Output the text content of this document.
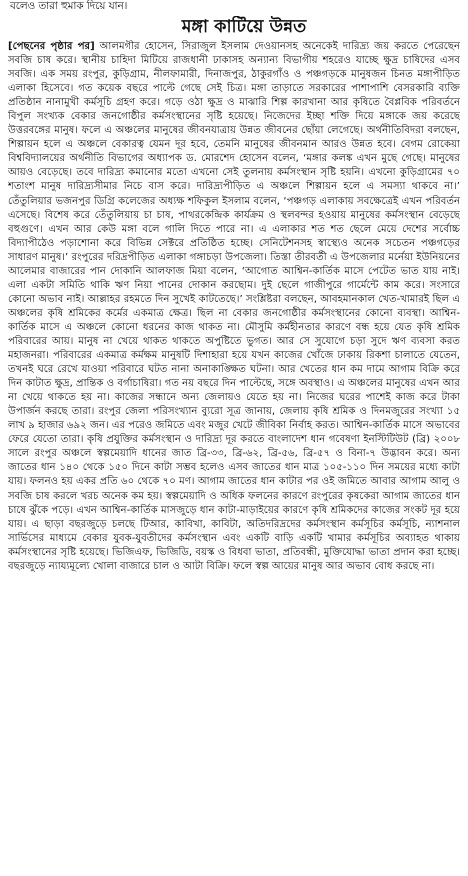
বলেও তারা হুমাক দিয়ে যান।
মঙ্গা কাটিয়ে উন্নত

[পেছনের পৃষ্ঠার পর] আলমগীর হোসেন, সিরাজুল ইসলাম দেওয়ানসহ অনেকেই দারিদ্র্য জয় করতে পেরেছেন সবজি চাষ করে। স্থানীয় চাহিদা মিটিয়ে রাজধানী ঢাকাসহ অন্যান্য বিভাগীয় শহরেও যাচ্ছে ক্ষুদ্র চাষিদের এসব সবজি। এক সময় রংপুর, কুড়িগ্রাম, নীলফামারী, দিনাজপুর, ঠাকুরগাঁও ও পঞ্চগড়কে মানুষজন চিনত মঙ্গাপীড়িত এলাকা হিসেবে। গত কয়েক বছরে পাল্টে গেছে সেই চিত্র। মঙ্গা তাড়াতে সরকারের পাশাপাশি বেসরকারি ব্যক্তি প্রতিষ্ঠান নানামুখী কর্মসূচি গ্রহণ করে। গড়ে ওঠা ক্ষুদ্র ও মাঝারি শিল্প কারখানা আর কৃষিতে বৈপ্লবিক পরিবর্তনে বিপুল সংখ্যক বেকার জনগোষ্ঠীর কর্মসংস্থানের সৃষ্টি হয়েছে। নিজেদের ইচ্ছা শক্তি দিয়ে মঙ্গাকে জয় করেছে উত্তরবঙ্গের মানুষ। ফলে এ অঞ্চলের মানুষের জীবনযাত্রায় উন্নত জীবনের ছোঁয়া লেগেছে। অর্থনীতিবিদরা বলছেন, শিল্পায়ন হলে এ অঞ্চলে বেকারত্ব যেমন দূর হবে, তেমনি মানুষের জীবনমান আরও উন্নত হবে। বেগম রোকেয়া বিশ্ববিদ্যালয়ের অর্থনীতি বিভাগের অধ্যাপক ড. মোরশেদ হোসেন বলেন, ‘মঙ্গার কলঙ্ক এখন মুছে গেছে। মানুষের আয়ও বেড়েছে। তবে দারিদ্র্য কমানোর মতো এখনো সেই তুলনায় কর্মসংস্থান সৃষ্টি হয়নি। এখনো কুড়িগ্রামের ৭০ শতাংশ মানুষ দারিদ্র্যসীমার নিচে বাস করে। দারিদ্র্যপীড়িত এ অঞ্চলে শিল্পায়ন হলে এ সমস্যা থাকবে না।’ তেঁতুলিয়ার ভজনপুর ডিগ্রি কলেজের অধ্যক্ষ শফিকুল ইসলাম বলেন, ‘পঞ্চগড় এলাকায় সবক্ষেত্রেই এখন পরিবর্তন এসেছে। বিশেষ করে তেঁতুলিয়ায় চা চাষ, পাথরকেন্দ্রিক কার্যক্রম ও স্থলবন্দর হওয়ায় মানুষের কর্মসংস্থান বেড়েছে বহুগুণে। এখন আর কেউ মঙ্গা বলে গালি দিতে পারে না। এ এলাকার শত শত ছেলে মেয়ে দেশের সর্বোচ্চ বিদ্যাপীঠেও পড়াশোনা করে বিভিন্ন সেক্টরে প্রতিষ্ঠিত হচ্ছে। সেনিটেশনসহ স্বাস্থ্যেও অনেক সচেতন পঞ্চগড়ের সাধারণ মানুষ।’ রংপুরের দরিদ্রপীড়িত এলাকা গঙ্গাচড়া উপজেলা। তিস্তা তীরবর্তী এ উপজেলার মর্নেয়া ইউনিয়নের আলেমার বাজারের পান দোকানি আলফাজ মিয়া বলেন, ‘আগোত আশ্বিন-কার্তিক মাসে পেটেত ভাত যায় নাই। এলা একটা সমিতি থাকি ঋণ নিয়া পানের দোকান করছোম। দুই ছেলে গাজীপুরে গার্মেন্টে কাম করে। সংসারে কোনো অভাব নাই। আল্লাহর রহমতে দিন সুখেই কাটতেছে।’ সংশ্লিষ্টরা বলছেন, আবহমানকাল খেত-খামারই ছিল এ অঞ্চলের কৃষি শ্রমিকের কর্মের একমাত্র ক্ষেত্র। ছিল না বেকার জনগোষ্ঠীর কর্মসংস্থানের কোনো ব্যবস্থা। আশ্বিন-কার্তিক মাসে এ অঞ্চলে কোনো ধরনের কাজ থাকত না। মৌসুমি কর্মহীনতার কারণে বন্ধ হয়ে যেত কৃষি শ্রমিক পরিবারের আয়। মানুষ না খেয়ে থাকত থাকতে অপুষ্টিতে ভুগত। আর সে সুযোগে চড়া সুদে ঋণ ব্যবসা করত মহাজনরা। পরিবারের একমাত্র কর্মক্ষম মানুষটি দিশাহারা হয়ে যখন কাজের খোঁজে ঢাকায় রিকশা চালাতে যেতেন, তখনই ঘরে রেখে যাওয়া পরিবারে ঘটত নানা অনাকাঙ্ক্ষিত ঘটনা। আর খেতের ধান কম দামে আগাম বিক্রি করে দিন কাটাত ক্ষুদ্র, প্রান্তিক ও বর্গাচাষিরা। গত নয় বছরে দিন পাল্টেছে, সঙ্গে অবস্থাও। এ অঞ্চলের মানুষের এখন আর না খেয়ে থাকতে হয় না। কাজের সন্ধানে অন্য জেলায়ও যেতে হয় না। নিজের ঘরের পাশেই কাজ করে টাকা উপার্জন করছে তারা। রংপুর জেলা পরিসংখ্যান ব্যুরো সূত্র জানায়, জেলায় কৃষি শ্রমিক ও দিনমজুরের সংখ্যা ১৫ লাখ ৯ হাজার ৬৯২ জন। এর পরেও জমিতে এবং মজুর খেটে জীবিকা নির্বাহ করত। আশ্বিন-কার্তিক মাসে অভাবের ফেরে যেতো তারা। কৃষি প্রযুক্তির কর্মসংস্থান ও দারিদ্র্য দূর করতে বাংলাদেশ ধান গবেষণা ইনস্টিটিউট (ব্রি) ২০০৮ সালে রংপুর অঞ্চলে স্বল্পমেয়াদি ধানের জাত ব্রি-৩৩, ব্রি-৬২, ব্রি-৫৬, ব্রি-৫৭ ও বিনা-৭ উদ্ভাবন করে। অন্য জাতের ধান ১৪০ থেকে ১৫০ দিনে কাটা সম্ভব হলেও এসব জাতের ধান মাত্র ১০৫-১১০ দিন সময়ের মধ্যে কাটা যায়। ফলনও হয় একর প্রতি ৬০ থেকে ৭০ মণ। আগাম জাতের ধান কাটার পর ওই জমিতে আবার আগাম আলু ও সবজি চাষ করলে খরচ অনেক কম হয়। স্বল্পমেয়াদি ও অধিক ফলনের কারণে রংপুরের কৃষকেরা আগাম জাতের ধান চাষে ঝুঁকে পড়ে। এখন আশ্বিন-কার্তিক মাসজুড়ে ধান কাটা-মাড়াইয়ের কারণে কৃষি শ্রমিকদের কাজের সংকট দূর হয়ে যায়। এ ছাড়া বছরজুড়ে চলছে টিআর, কাবিখা, কাবিটা, অতিদরিদ্রদের কর্মসংস্থান কর্মসূচির কর্মসূচি, ন্যাশনাল সার্ভিসের মাধ্যমে বেকার যুবক-যুবতীদের কর্মসংস্থান এবং একটি বাড়ি একটি খামার কর্মসূচির অব্যাহত থাকায় কর্মসংস্থানের সৃষ্টি হয়েছে। ভিজিএফ, ভিজিডি, বয়স্ক ও বিধবা ভাতা, প্রতিবন্ধী, মুক্তিযোদ্ধা ভাতা প্রদান করা হচ্ছে। বছরজুড়ে ন্যায্যমূল্যে খোলা বাজারে চাল ও আটা বিক্রি। ফলে স্বল্প আয়ের মানুষ আর অভাব বোধ করছে না।
